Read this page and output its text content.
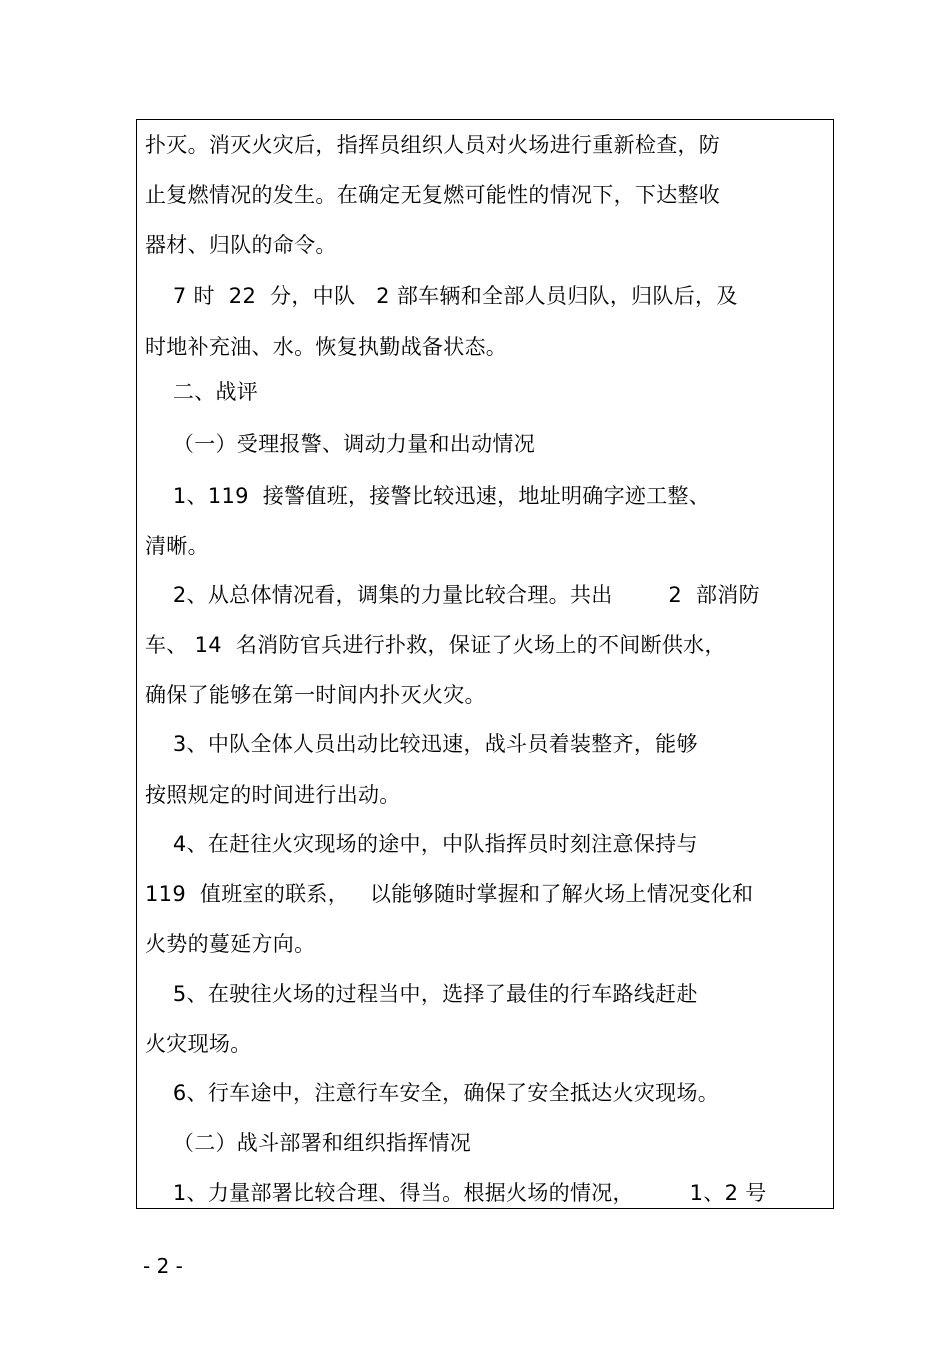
扑灭。消灭火灾后，指挥员组织人员对火场进行重新检查，防
止复燃情况的发生。在确定无复燃可能性的情况下，下达整收
器材、归队的命令。
7 时  22  分，中队   2 部车辆和全部人员归队，归队后，及
时地补充油、水。恢复执勤战备状态。
二、战评
（一）受理报警、调动力量和出动情况
1、119  接警值班，接警比较迅速，地址明确字迹工整、
清晰。
2、从总体情况看，调集的力量比较合理。共出        2  部消防
车、 14  名消防官兵进行扑救，保证了火场上的不间断供水，
确保了能够在第一时间内扑灭火灾。
3、中队全体人员出动比较迅速，战斗员着装整齐，能够
按照规定的时间进行出动。
4、在赶往火灾现场的途中，中队指挥员时刻注意保持与
119  值班室的联系，   以能够随时掌握和了解火场上情况变化和
火势的蔓延方向。
5、在驶往火场的过程当中，选择了最佳的行车路线赶赴
火灾现场。
6、行车途中，注意行车安全，确保了安全抵达火灾现场。
（二）战斗部署和组织指挥情况
1、力量部署比较合理、得当。根据火场的情况，        1、2 号
- 2 -
